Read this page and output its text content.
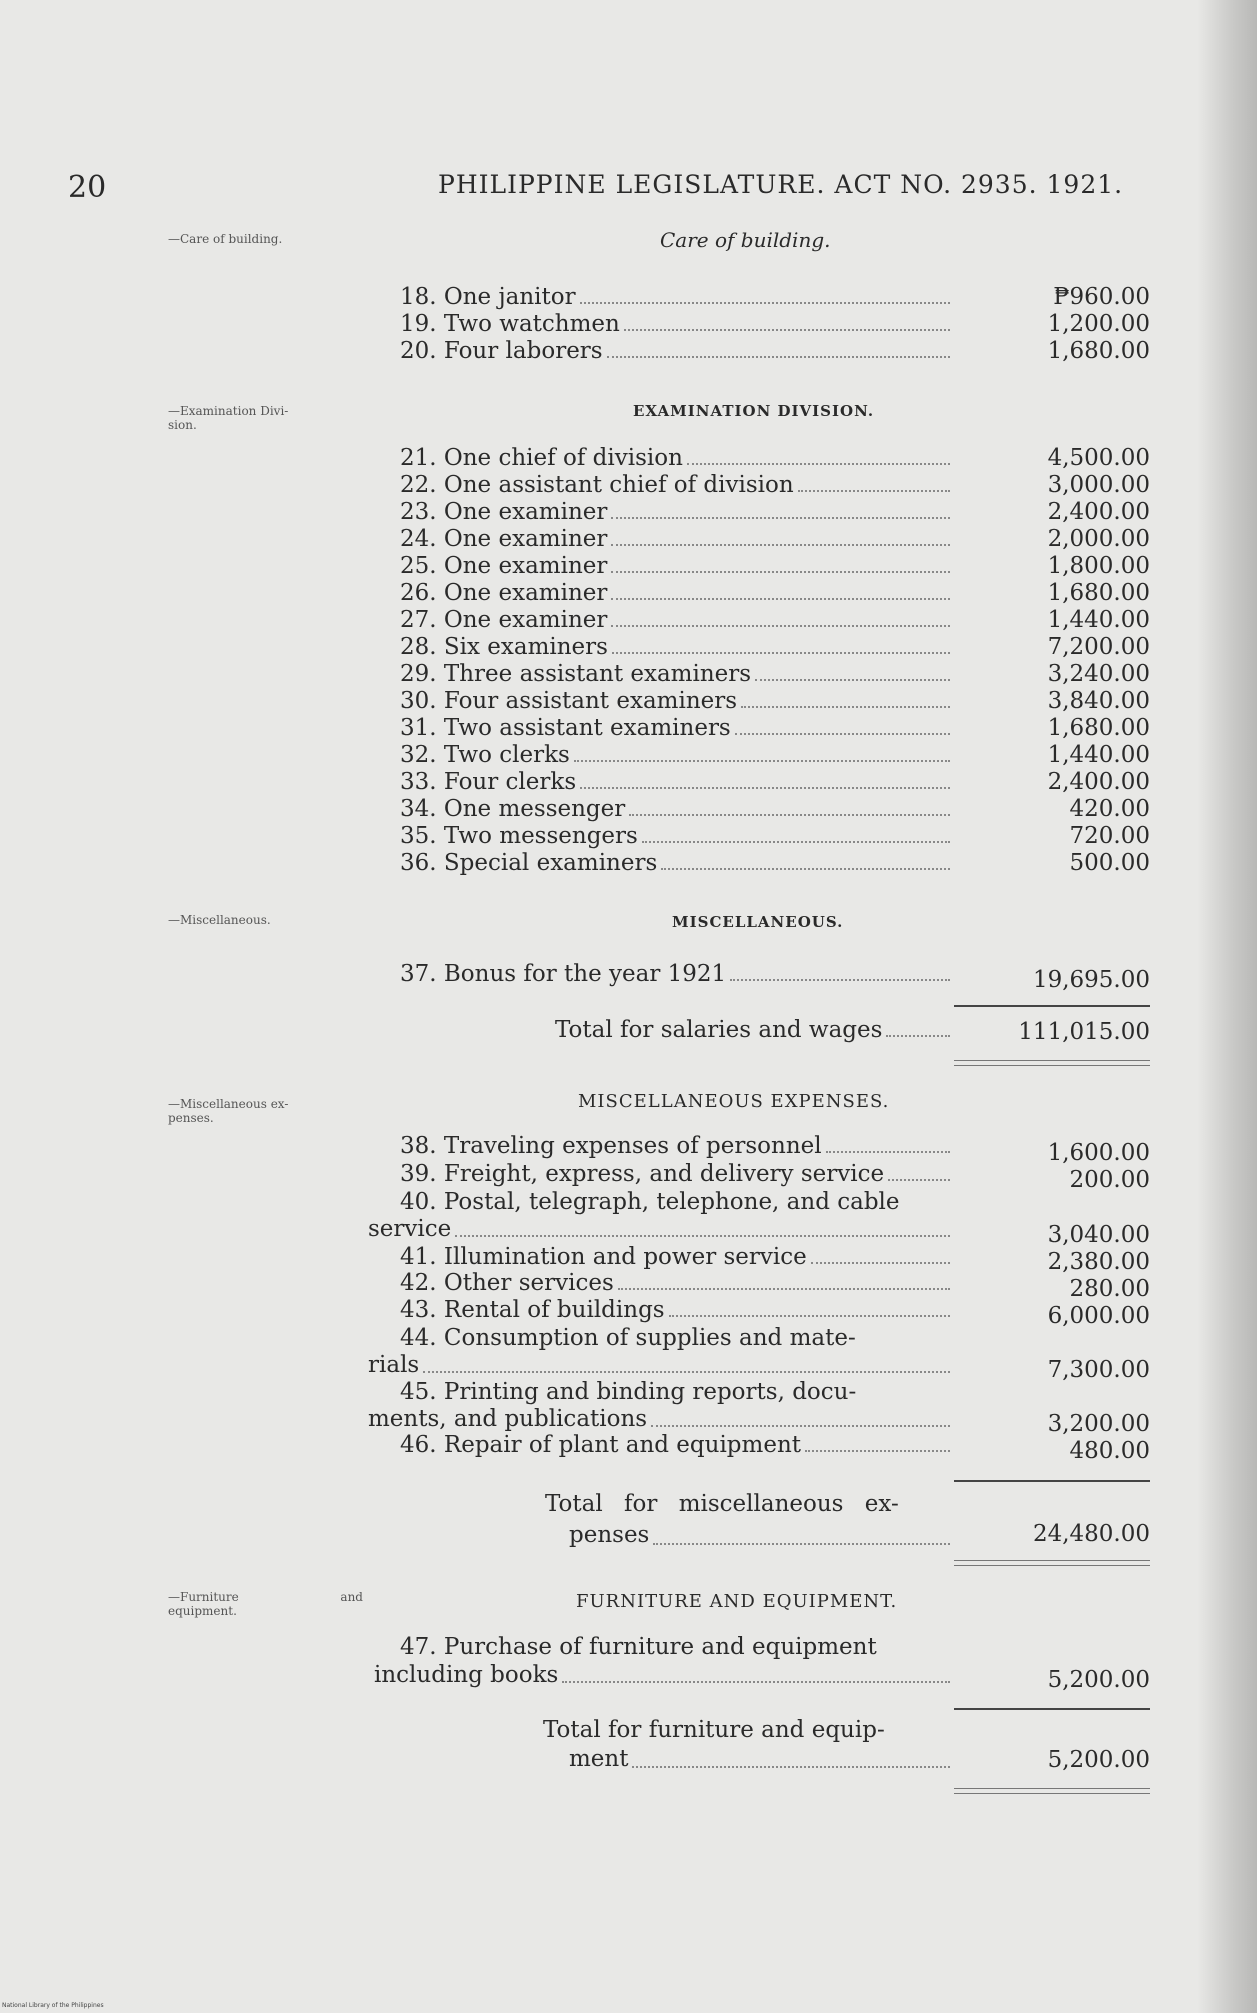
20	PHILIPPINE LEGISLATURE. ACT NO. 2935. 1921.
—Care of building.	Care of building.
18. One janitor	₱960.00
19. Two watchmen	1,200.00
20. Four laborers	1,680.00
—Examination Divi-
sion.
EXAMINATION DIVISION.
21. One chief of division	4,500.00
22. One assistant chief of division	3,000.00
23. One examiner	2,400.00
24. One examiner	2,000.00
25. One examiner	1,800.00
26. One examiner	1,680.00
27. One examiner	1,440.00
28. Six examiners	7,200.00
29. Three assistant examiners	3,240.00
30. Four assistant examiners	3,840.00
31. Two assistant examiners	1,680.00
32. Two clerks	1,440.00
33. Four clerks	2,400.00
34. One messenger	420.00
35. Two messengers	720.00
36. Special examiners	500.00
—Miscellaneous.	MISCELLANEOUS.
37. Bonus for the year 1921	19,695.00
Total for salaries and wages	111,015.00
—Miscellaneous ex-
penses.
MISCELLANEOUS EXPENSES.
38. Traveling expenses of personnel	1,600.00
39. Freight, express, and delivery service	200.00
40. Postal, telegraph, telephone, and cable
service	3,040.00
41. Illumination and power service	2,380.00
42. Other services	280.00
43. Rental of buildings	6,000.00
44. Consumption of supplies and mate-
rials	7,300.00
45. Printing and binding reports, docu-
ments, and publications	3,200.00
46. Repair of plant and equipment	480.00
Total for miscellaneous ex-
penses	24,480.00
—Furniture	and
equipment.	FURNITURE AND EQUIPMENT.
47. Purchase of furniture and equipment
including books	5,200.00
Total for furniture and equip-
ment	5,200.00
National Library of the Philippines
